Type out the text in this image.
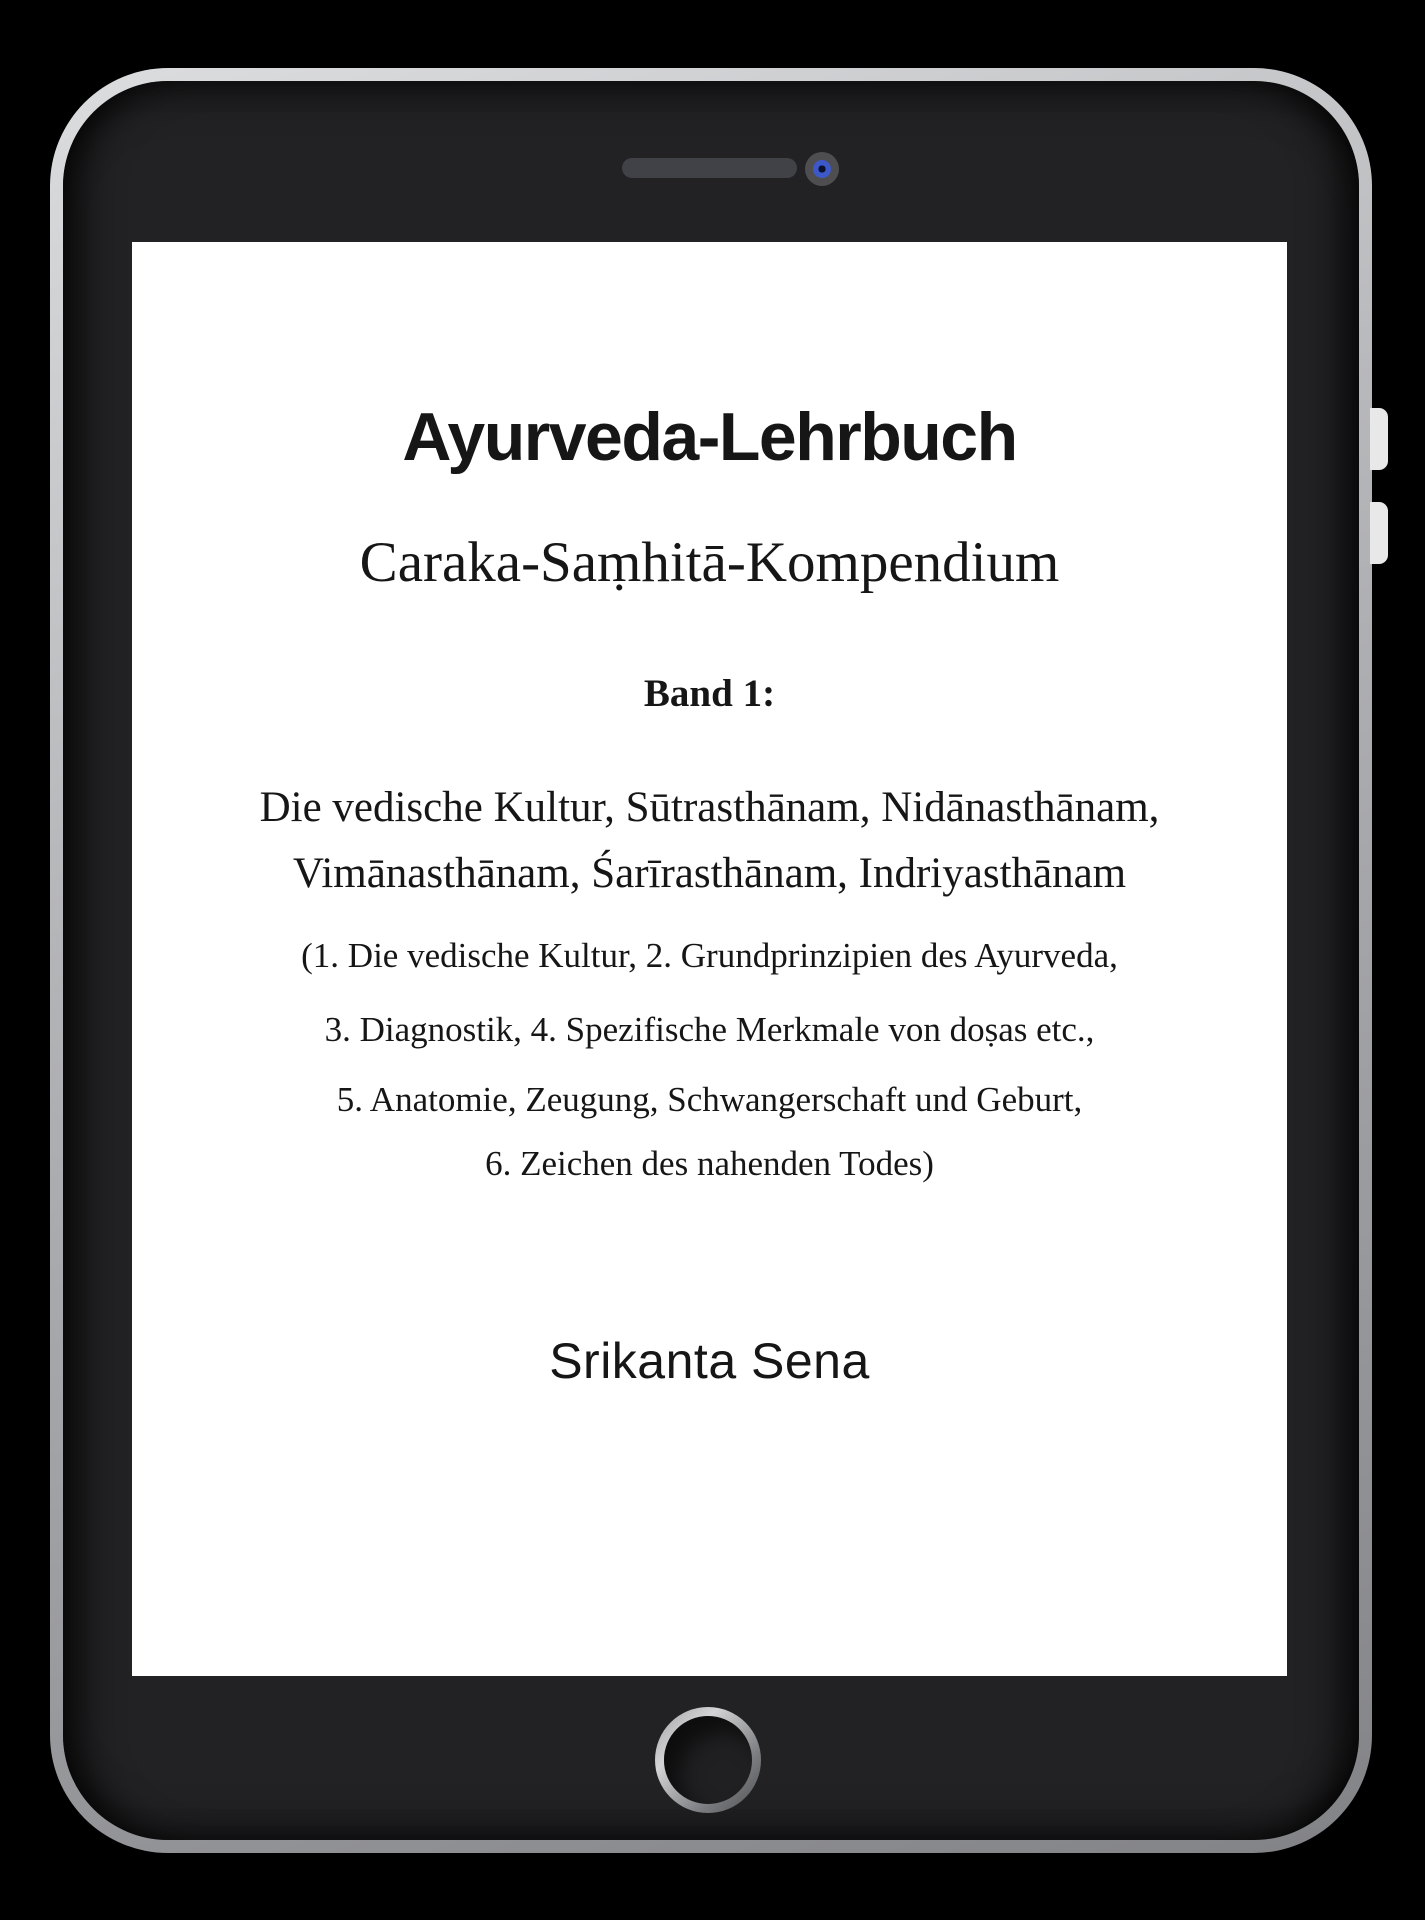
Ayurveda-Lehrbuch
Caraka-Saṃhitā-Kompendium
Band 1:
Die vedische Kultur, Sūtrasthānam, Nidānasthānam,
Vimānasthānam, Śarīrasthānam, Indriyasthānam
(1. Die vedische Kultur, 2. Grundprinzipien des Ayurveda,
3. Diagnostik, 4. Spezifische Merkmale von doṣas etc.,
5. Anatomie, Zeugung, Schwangerschaft und Geburt,
6. Zeichen des nahenden Todes)
Srikanta Sena
